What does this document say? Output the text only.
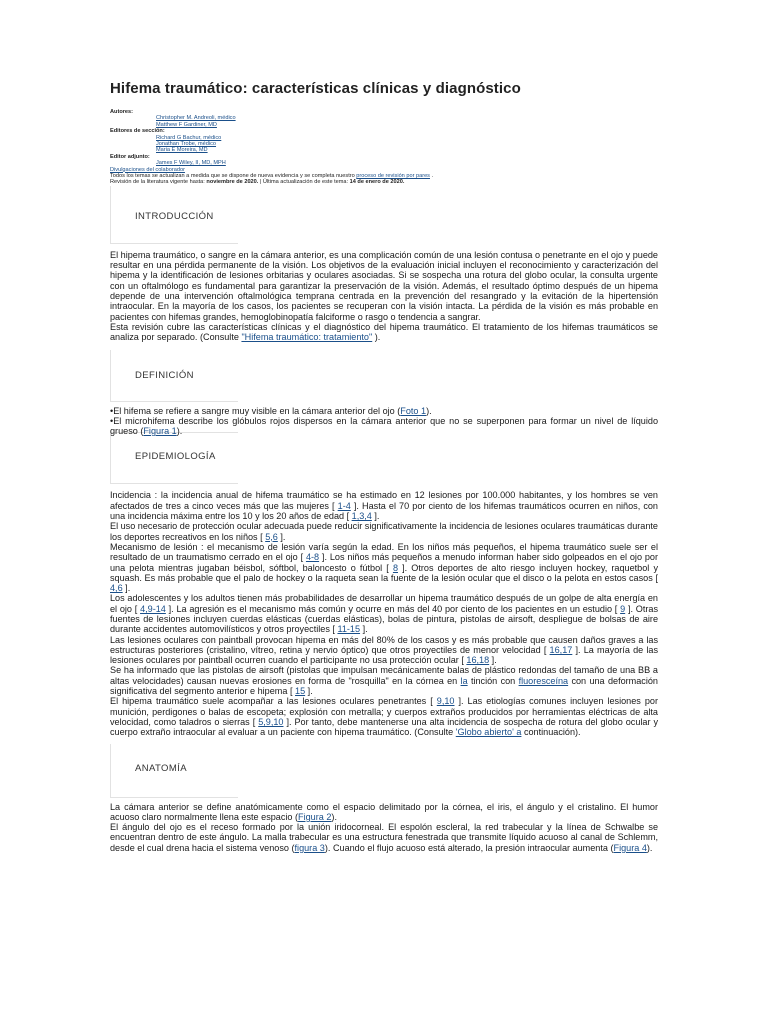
Hifema traumático: características clínicas y diagnóstico
Autores:
Christopher M. Andreoli, médico
Matthew F Gardiner, MD
Editores de sección:
Richard G Bachur, médico
Jonathan Trobe, médico
Maria E Moreira, MD
Editor adjunto:
James F Wiley, II, MD, MPH
Divulgaciones del colaborador
Todos los temas se actualizan a medida que se dispone de nueva evidencia y se completa nuestro proceso de revisión por pares .
Revisión de la literatura vigente hasta: noviembre de 2020. | Última actualización de este tema: 14 de enero de 2020.
INTRODUCCIÓN

El hipema traumático, o sangre en la cámara anterior, es una complicación común de una lesión contusa o penetrante en el ojo y puede resultar en una pérdida permanente de la visión. Los objetivos de la evaluación inicial incluyen el reconocimiento y caracterización del hipema y la identificación de lesiones orbitarias y oculares asociadas. Si se sospecha una rotura del globo ocular, la consulta urgente con un oftalmólogo es fundamental para garantizar la preservación de la visión. Además, el resultado óptimo después de un hipema depende de una intervención oftalmológica temprana centrada en la prevención del resangrado y la evitación de la hipertensión intraocular. En la mayoría de los casos, los pacientes se recuperan con la visión intacta. La pérdida de la visión es más probable en pacientes con hifemas grandes, hemoglobinopatía falciforme o rasgo o tendencia a sangrar.

Esta revisión cubre las características clínicas y el diagnóstico del hipema traumático. El tratamiento de los hifemas traumáticos se analiza por separado. (Consulte "Hifema traumático: tratamiento" ).

DEFINICIÓN
•El hifema se refiere a sangre muy visible en la cámara anterior del ojo (Foto 1).
•El microhifema describe los glóbulos rojos dispersos en la cámara anterior que no se superponen para formar un nivel de líquido grueso (Figura 1).
EPIDEMIOLOGÍA

Incidencia : la incidencia anual de hifema traumático se ha estimado en 12 lesiones por 100.000 habitantes, y los hombres se ven afectados de tres a cinco veces más que las mujeres [ 1-4 ]. Hasta el 70 por ciento de los hifemas traumáticos ocurren en niños, con una incidencia máxima entre los 10 y los 20 años de edad [ 1,3,4 ].

El uso necesario de protección ocular adecuada puede reducir significativamente la incidencia de lesiones oculares traumáticas durante los deportes recreativos en los niños [ 5,6 ].

Mecanismo de lesión : el mecanismo de lesión varía según la edad. En los niños más pequeños, el hipema traumático suele ser el resultado de un traumatismo cerrado en el ojo [ 4-8 ]. Los niños más pequeños a menudo informan haber sido golpeados en el ojo por una pelota mientras jugaban béisbol, sóftbol, baloncesto o fútbol [ 8 ]. Otros deportes de alto riesgo incluyen hockey, raquetbol y squash. Es más probable que el palo de hockey o la raqueta sean la fuente de la lesión ocular que el disco o la pelota en estos casos [ 4,6 ].

Los adolescentes y los adultos tienen más probabilidades de desarrollar un hipema traumático después de un golpe de alta energía en el ojo [ 4,9-14 ]. La agresión es el mecanismo más común y ocurre en más del 40 por ciento de los pacientes en un estudio [ 9 ]. Otras fuentes de lesiones incluyen cuerdas elásticas (cuerdas elásticas), bolas de pintura, pistolas de airsoft, despliegue de bolsas de aire durante accidentes automovilísticos y otros proyectiles [ 11-15 ].

Las lesiones oculares con paintball provocan hipema en más del 80% de los casos y es más probable que causen daños graves a las estructuras posteriores (cristalino, vítreo, retina y nervio óptico) que otros proyectiles de menor velocidad [ 16,17 ]. La mayoría de las lesiones oculares por paintball ocurren cuando el participante no usa protección ocular [ 16,18 ].

Se ha informado que las pistolas de airsoft (pistolas que impulsan mecánicamente balas de plástico redondas del tamaño de una BB a altas velocidades) causan nuevas erosiones en forma de "rosquilla" en la córnea en la tinción con fluoresceína con una deformación significativa del segmento anterior e hipema [ 15 ].

El hipema traumático suele acompañar a las lesiones oculares penetrantes [ 9,10 ]. Las etiologías comunes incluyen lesiones por munición, perdigones o balas de escopeta; explosión con metralla; y cuerpos extraños producidos por herramientas eléctricas de alta velocidad, como taladros o sierras [ 5,9,10 ]. Por tanto, debe mantenerse una alta incidencia de sospecha de rotura del globo ocular y cuerpo extraño intraocular al evaluar a un paciente con hipema traumático. (Consulte 'Globo abierto' a continuación).

ANATOMÍA

La cámara anterior se define anatómicamente como el espacio delimitado por la córnea, el iris, el ángulo y el cristalino. El humor acuoso claro normalmente llena este espacio (Figura 2).

El ángulo del ojo es el receso formado por la unión iridocorneal. El espolón escleral, la red trabecular y la línea de Schwalbe se encuentran dentro de este ángulo. La malla trabecular es una estructura fenestrada que transmite líquido acuoso al canal de Schlemm, desde el cual drena hacia el sistema venoso (figura 3). Cuando el flujo acuoso está alterado, la presión intraocular aumenta (Figura 4).
